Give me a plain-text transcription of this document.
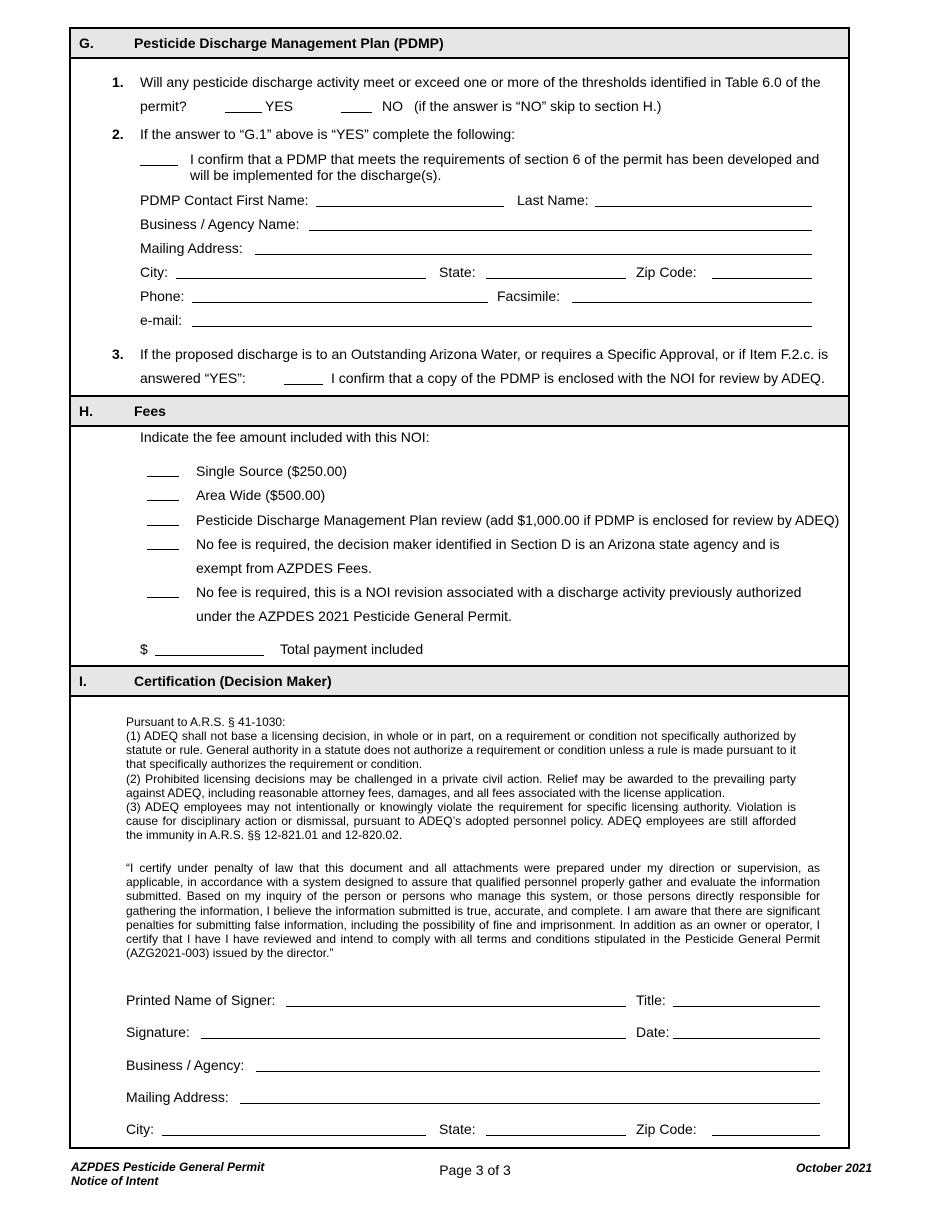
G.	Pesticide Discharge Management Plan (PDMP)
1. Will any pesticide discharge activity meet or exceed one or more of the thresholds identified in Table 6.0 of the
permit?	YES	NO (if the answer is “NO” skip to section H.)
2. If the answer to “G.1” above is “YES” complete the following:
I confirm that a PDMP that meets the requirements of section 6 of the permit has been developed and
will be implemented for the discharge(s).
PDMP Contact First Name:	Last Name:
Business / Agency Name:
Mailing Address:
City:	State:	Zip Code:
Phone:	Facsimile:
e-mail:
3. If the proposed discharge is to an Outstanding Arizona Water, or requires a Specific Approval, or if Item F.2.c. is
answered “YES”:	I confirm that a copy of the PDMP is enclosed with the NOI for review by ADEQ.
H.	Fees
Indicate the fee amount included with this NOI:
Single Source ($250.00)
Area Wide ($500.00)
Pesticide Discharge Management Plan review (add $1,000.00 if PDMP is enclosed for review by ADEQ)
No fee is required, the decision maker identified in Section D is an Arizona state agency and is
exempt from AZPDES Fees.
No fee is required, this is a NOI revision associated with a discharge activity previously authorized
under the AZPDES 2021 Pesticide General Permit.
$	Total payment included
I.	Certification (Decision Maker)
Pursuant to A.R.S. § 41-1030:
(1) ADEQ shall not base a licensing decision, in whole or in part, on a requirement or condition not specifically authorized by statute or rule. General authority in a statute does not authorize a requirement or condition unless a rule is made pursuant to it that specifically authorizes the requirement or condition.
(2) Prohibited licensing decisions may be challenged in a private civil action. Relief may be awarded to the prevailing party against ADEQ, including reasonable attorney fees, damages, and all fees associated with the license application.
(3) ADEQ employees may not intentionally or knowingly violate the requirement for specific licensing authority. Violation is cause for disciplinary action or dismissal, pursuant to ADEQ’s adopted personnel policy. ADEQ employees are still afforded the immunity in A.R.S. §§ 12-821.01 and 12-820.02.
“I certify under penalty of law that this document and all attachments were prepared under my direction or supervision, as applicable, in accordance with a system designed to assure that qualified personnel properly gather and evaluate the information submitted. Based on my inquiry of the person or persons who manage this system, or those persons directly responsible for gathering the information, I believe the information submitted is true, accurate, and complete. I am aware that there are significant penalties for submitting false information, including the possibility of fine and imprisonment. In addition as an owner or operator, I certify that I have I have reviewed and intend to comply with all terms and conditions stipulated in the Pesticide General Permit (AZG2021-003) issued by the director.”
Printed Name of Signer:	Title:
Signature:	Date:
Business / Agency:
Mailing Address:
City:	State:	Zip Code:
AZPDES Pesticide General Permit
Notice of Intent
Page 3 of 3	October 2021
